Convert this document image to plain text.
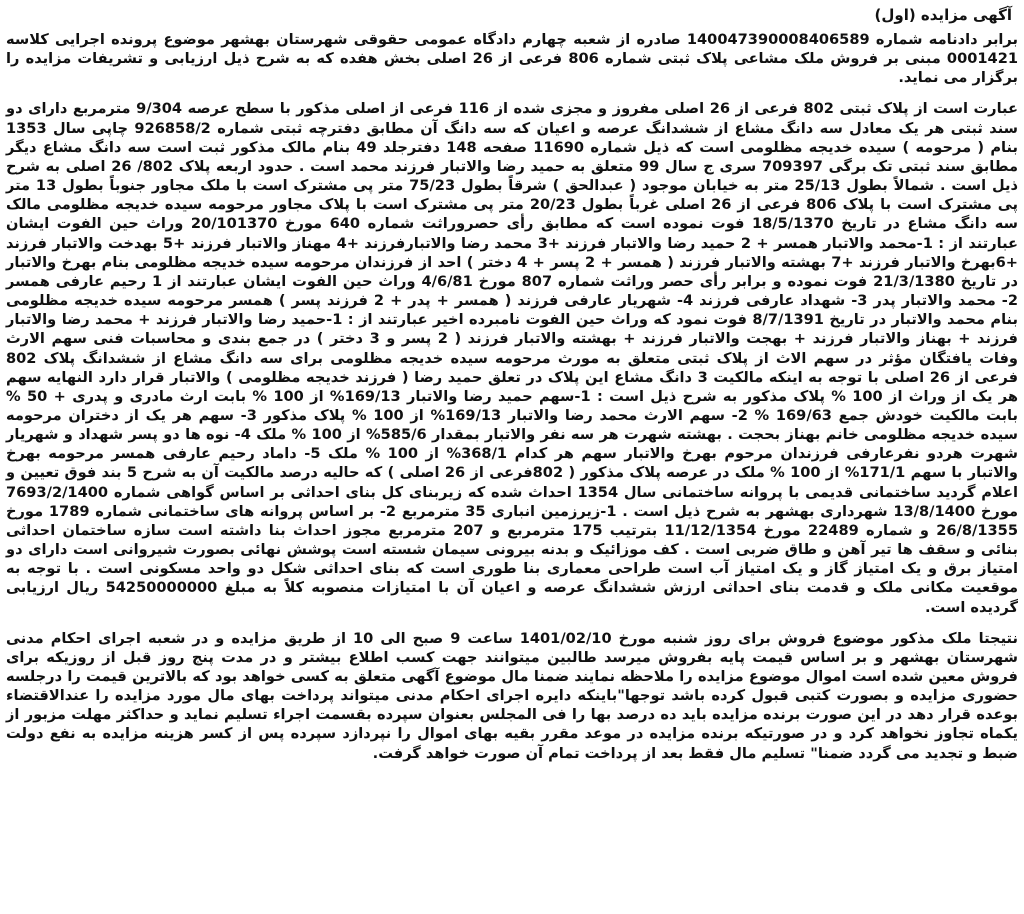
آگهی مزایده (اول)
برابر دادنامه شماره 140047390008406589 صادره از شعبه چهارم دادگاه عمومی حقوقی شهرستان بهشهر موضوع پرونده اجرایی کلاسه 0001421 مبنی بر فروش ملک مشاعی پلاک ثبتی شماره 806 فرعی از 26 اصلی بخش هفده که به شرح ذیل ارزیابی و تشریفات مزایده را برگزار می نماید.
عبارت است از پلاک ثبتی 802 فرعی از 26 اصلی مفروز و مجزی شده از 116 فرعی از اصلی مذکور با سطح عرصه 9/304 مترمربع دارای دو سند ثبتی هر یک معادل سه دانگ مشاع از ششدانگ عرصه و اعیان که سه دانگ آن مطابق دفترچه ثبتی شماره 926858/2 چاپی سال 1353 بنام ( مرحومه ) سیده خدیجه مظلومی است که ذیل شماره 11690 صفحه 148 دفترجلد 49 بنام مالک مذکور ثبت است سه دانگ مشاع دیگر مطابق سند ثبتی تک برگی 709397 سری ج سال 99 متعلق به حمید رضا والاتبار فرزند محمد است . حدود اربعه پلاک 802/ 26 اصلی به شرح ذیل است . شمالاً بطول 25/13 متر به خیابان موجود ( عبدالحق ) شرقاً بطول 75/23 متر پی مشترک است با ملک مجاور جنوباً بطول 13 متر پی مشترک است با پلاک 806 فرعی از 26 اصلی غرباً بطول 20/23 متر پی مشترک است با پلاک مجاور مرحومه سیده خدیجه مظلومی مالک سه دانگ مشاع در تاریخ 18/5/1370 فوت نموده است که مطابق رأی حصروراثت شماره 640 مورخ 20/101370 وراث حین الفوت ایشان عبارتند از : 1-محمد والاتبار همسر + 2 حمید رضا والاتبار فرزند +3 محمد رضا والاتبارفرزند +4 مهناز والاتبار فرزند +5 بهدخت والاتبار فرزند +6بهرخ والاتبار فرزند +7 بهشته والاتبار فرزند ( همسر + 2 پسر + 4 دختر ) احد از فرزندان مرحومه سیده خدیجه مظلومی بنام بهرخ والاتبار در تاریخ 21/3/1380 فوت نموده و برابر رأی حصر وراثت شماره 807 مورخ 4/6/81 وراث حین الفوت ایشان عبارتند از 1 رحیم عارفی همسر 2- محمد والاتبار پدر 3- شهداد عارفی فرزند 4- شهریار عارفی فرزند ( همسر + پدر + 2 فرزند پسر ) همسر مرحومه سیده خدیجه مظلومی بنام محمد والاتبار در تاریخ 8/7/1391 فوت نمود که وراث حین الفوت نامبرده اخیر عبارتند از : 1-حمید رضا والاتبار فرزند + محمد رضا والاتبار فرزند + بهناز والاتبار فرزند + بهجت والاتبار فرزند + بهشته والاتبار فرزند ( 2 پسر و 3 دختر ) در جمع بندی و محاسبات فنی سهم الارث وفات یافتگان مؤثر در سهم الاث از پلاک ثبتی متعلق به مورث مرحومه سیده خدیجه مظلومی برای سه دانگ مشاع از ششدانگ پلاک 802 فرعی از 26 اصلی با توجه به اینکه مالکیت 3 دانگ مشاع این پلاک در تعلق حمید رضا ( فرزند خدیجه مظلومی ) والاتبار قرار دارد النهایه سهم هر یک از وراث از 100 % پلاک مذکور به شرح ذیل است : 1-سهم حمید رضا والاتبار 169/13% از 100 % بابت ارث مادری و پدری + 50 % بابت مالکیت خودش جمع 169/63 % 2- سهم الارث محمد رضا والاتبار 169/13% از 100 % پلاک مذکور 3- سهم هر یک از دختران مرحومه سیده خدیجه مظلومی خانم بهناز بحجت . بهشته شهرت هر سه نفر والاتبار بمقدار 585/6% از 100 % ملک 4- نوه ها دو پسر شهداد و شهریار شهرت هردو نفرعارفی فرزندان مرحوم بهرخ والاتبار سهم هر کدام 368/1% از 100 % ملک 5- داماد رحیم عارفی همسر مرحومه بهرخ والاتبار با سهم 171/1% از 100 % ملک در عرصه پلاک مذکور ( 802فرعی از 26 اصلی ) که حالیه درصد مالکیت آن به شرح 5 بند فوق تعیین و اعلام گردید ساختمانی قدیمی با پروانه ساختمانی سال 1354 احداث شده که زیربنای کل بنای احداثی بر اساس گواهی شماره 7693/2/1400 مورخ 13/8/1400 شهرداری بهشهر به شرح ذیل است . 1-زیرزمین انباری 35 مترمربع 2- بر اساس پروانه های ساختمانی شماره 1789 مورخ 26/8/1355 و شماره 22489 مورخ 11/12/1354 بترتیب 175 مترمربع و 207 مترمربع مجوز احداث بنا داشته است سازه ساختمان احداثی بنائی و سقف ها تیر آهن و طاق ضربی است . کف موزائیک و بدنه بیرونی سیمان شسته است پوشش نهائی بصورت شیروانی است دارای دو امتیاز برق و یک امتیاز گاز و یک امتیاز آب است طراحی معماری بنا طوری است که بنای احداثی شکل دو واحد مسکونی است . با توجه به موقعیت مکانی ملک و قدمت بنای احداثی ارزش ششدانگ عرصه و اعیان آن با امتیازات منصوبه کلاً به مبلغ 54250000000 ریال ارزیابی گردیده است.
نتیجتا ملک مذکور موضوع فروش برای روز شنبه مورخ 1401/02/10 ساعت 9 صبح الی 10 از طریق مزایده و در شعبه اجرای احکام مدنی شهرستان بهشهر و بر اساس قیمت پایه بفروش میرسد طالبین میتوانند جهت کسب اطلاع بیشتر و در مدت پنج روز قبل از روزیکه برای فروش معین شده است اموال موضوع مزایده را ملاحظه نمایند ضمنا مال موضوع آگهی متعلق به کسی خواهد بود که بالاترین قیمت را درجلسه حضوری مزایده و بصورت کتبی قبول کرده باشد توجها"باینکه دایره اجرای احکام مدنی میتواند پرداخت بهای مال مورد مزایده را عندالاقتضاء بوعده قرار دهد در این صورت برنده مزایده باید ده درصد بها را فی المجلس بعنوان سپرده بقسمت اجراء تسلیم نماید و حداکثر مهلت مزبور از یکماه تجاوز نخواهد کرد و در صورتیکه برنده مزایده در موعد مقرر بقیه بهای اموال را نپردازد سپرده پس از کسر هزینه مزایده به نفع دولت ضبط و تجدید می گردد ضمنا" تسلیم مال فقط بعد از پرداخت تمام آن صورت خواهد گرفت.
